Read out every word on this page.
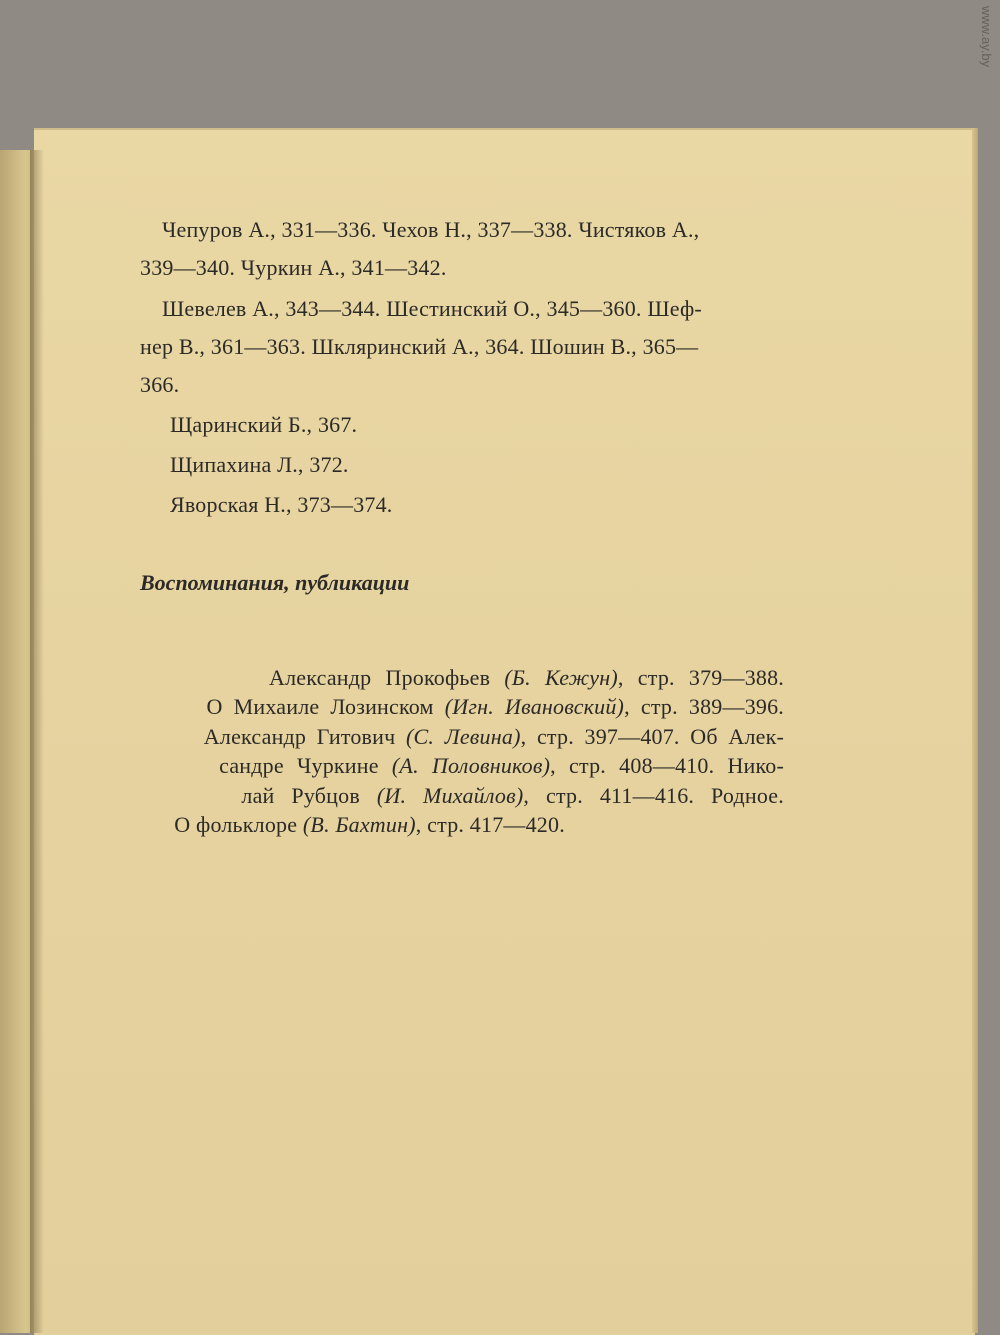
Чепуров А., 331—336. Чехов Н., 337—338. Чистяков А.,
339—340. Чуркин А., 341—342.
Шевелев А., 343—344. Шестинский О., 345—360. Шеф-
нер В., 361—363. Шкляринский А., 364. Шошин В., 365—
366.
Щаринский Б., 367.
Щипахина Л., 372.
Яворская Н., 373—374.
Воспоминания, публикации

Александр Прокофьев (Б. Кежун), стр. 379—388.

О Михаиле Лозинском (Игн. Ивановский), стр. 389—396.

Александр Гитович (С. Левина), стр. 397—407. Об Алек-

сандре Чуркине (А. Половников), стр. 408—410. Нико-

лай Рубцов (И. Михайлов), стр. 411—416. Родное.

О фольклоре (В. Бахтин), стр. 417—420.

www.ay.by
